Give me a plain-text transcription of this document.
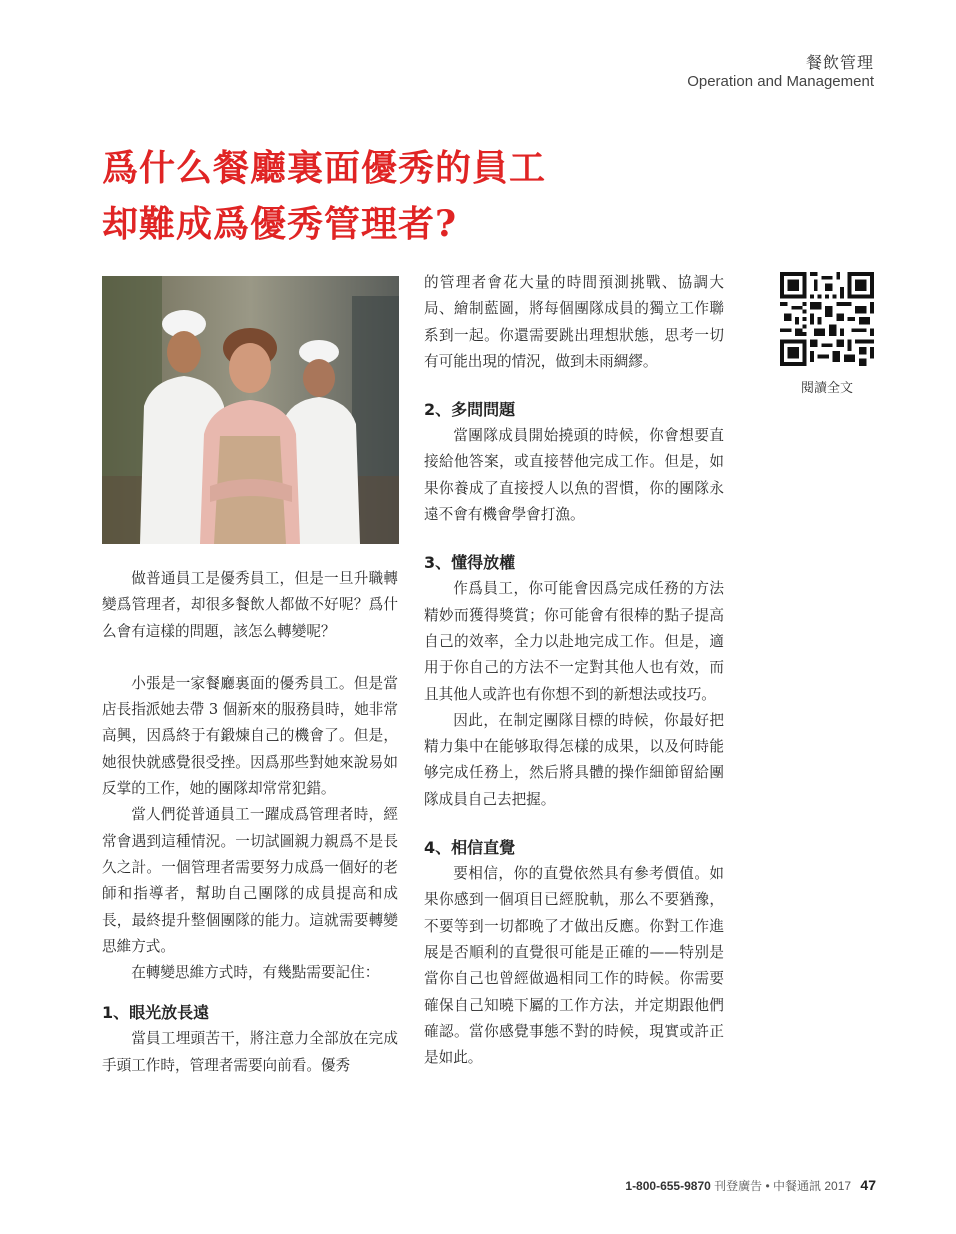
餐飲管理
Operation and Management
爲什么餐廳裏面優秀的員工
却難成爲優秀管理者?
閱讀全文

做普通員工是優秀員工，但是一旦升職轉變爲管理者，却很多餐飲人都做不好呢？爲什么會有這樣的問題，該怎么轉變呢？

小張是一家餐廳裏面的優秀員工。但是當店長指派她去帶 3 個新來的服務員時，她非常高興，因爲終于有鍛煉自己的機會了。但是，她很快就感覺很受挫。因爲那些對她來說易如反掌的工作，她的團隊却常常犯錯。

當人們從普通員工一躍成爲管理者時，經常會遇到這種情況。一切試圖親力親爲不是長久之計。一個管理者需要努力成爲一個好的老師和指導者，幫助自己團隊的成員提高和成長，最終提升整個團隊的能力。這就需要轉變思維方式。

在轉變思維方式時，有幾點需要記住：

1、眼光放長遠

當員工埋頭苦干，將注意力全部放在完成手頭工作時，管理者需要向前看。優秀

的管理者會花大量的時間預測挑戰、協調大局、繪制藍圖，將每個團隊成員的獨立工作聯系到一起。你還需要跳出理想狀態，思考一切有可能出現的情況，做到未雨綢繆。

2、多問問題

當團隊成員開始撓頭的時候，你會想要直接給他答案，或直接替他完成工作。但是，如果你養成了直接授人以魚的習慣，你的團隊永遠不會有機會學會打漁。

3、懂得放權

作爲員工，你可能會因爲完成任務的方法精妙而獲得獎賞；你可能會有很棒的點子提高自己的效率，全力以赴地完成工作。但是，適用于你自己的方法不一定對其他人也有效，而且其他人或許也有你想不到的新想法或技巧。

因此，在制定團隊目標的時候，你最好把精力集中在能够取得怎樣的成果，以及何時能够完成任務上，然后將具體的操作細節留給團隊成員自己去把握。

4、相信直覺

要相信，你的直覺依然具有參考價值。如果你感到一個項目已經脫軌，那么不要猶豫，不要等到一切都晚了才做出反應。你對工作進展是否順利的直覺很可能是正確的——特别是當你自己也曾經做過相同工作的時候。你需要確保自己知曉下屬的工作方法，并定期跟他們確認。當你感覺事態不對的時候，現實或許正是如此。

1-800-655-9870 刊登廣告 • 中餐通訊 2017 47
